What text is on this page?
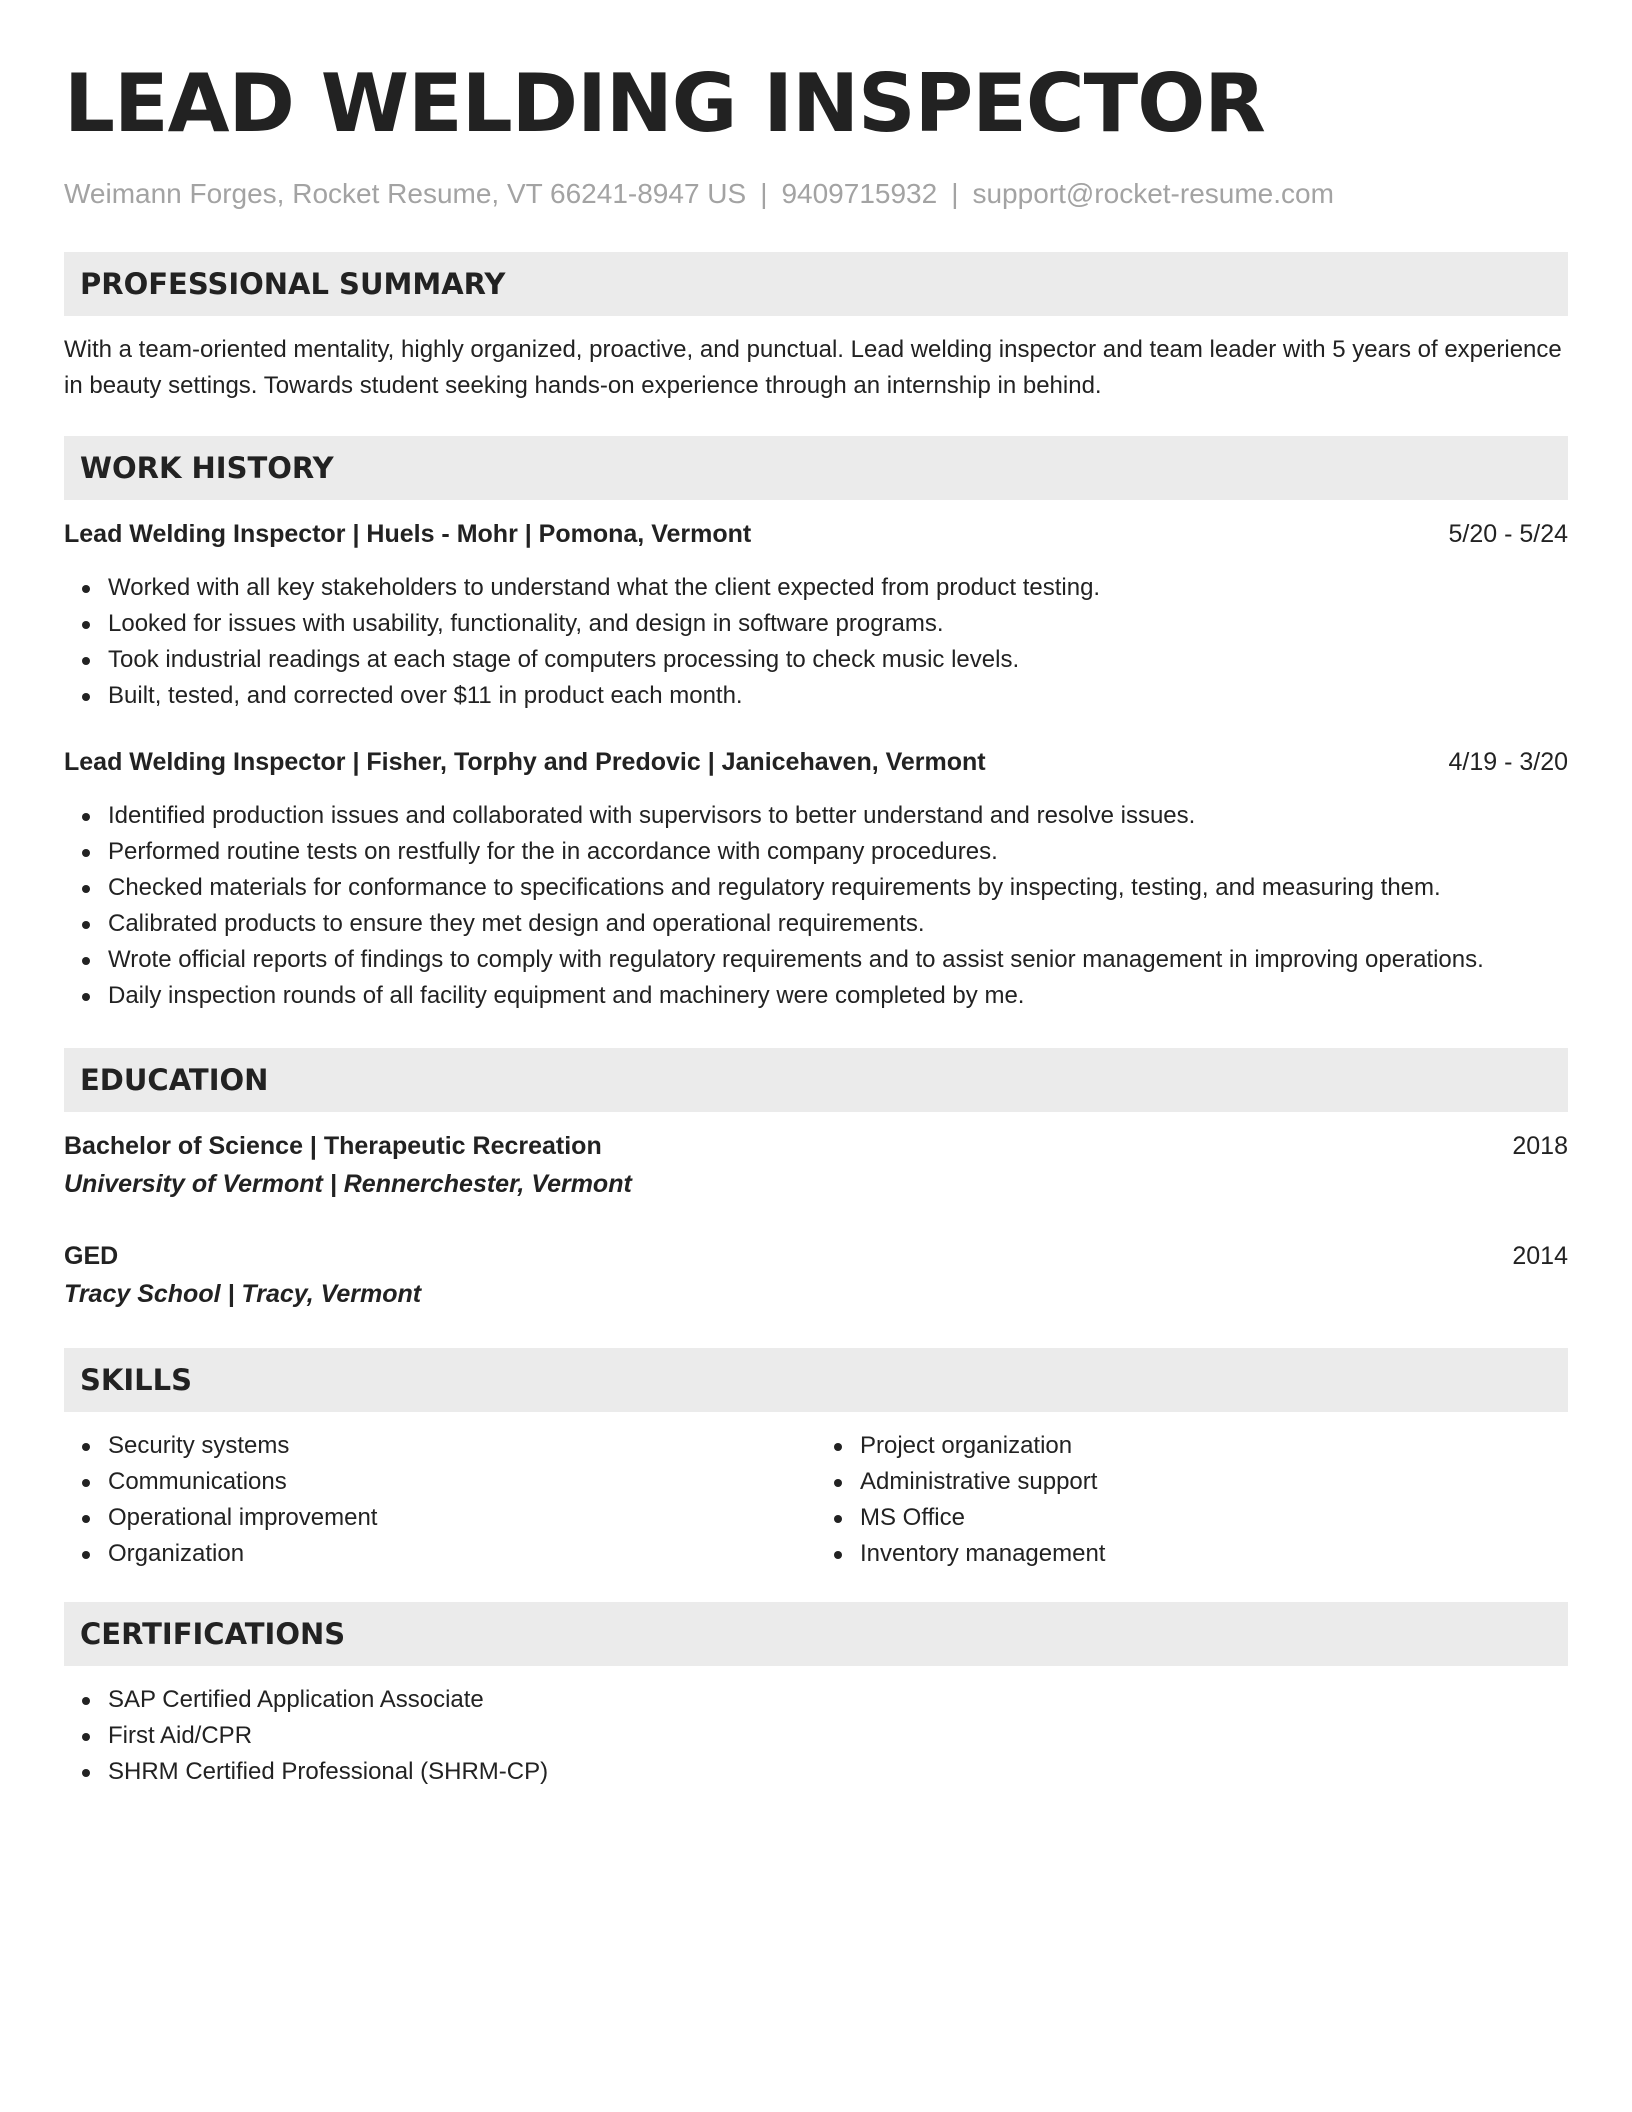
LEAD WELDING INSPECTOR
Weimann Forges, Rocket Resume, VT 66241-8947 US | 9409715932 | support@rocket-resume.com
PROFESSIONAL SUMMARY
With a team-oriented mentality, highly organized, proactive, and punctual. Lead welding inspector and team leader with 5 years of experience in beauty settings. Towards student seeking hands-on experience through an internship in behind.
WORK HISTORY
Lead Welding Inspector | Huels - Mohr | Pomona, Vermont	5/20 - 5/24
Worked with all key stakeholders to understand what the client expected from product testing.
Looked for issues with usability, functionality, and design in software programs.
Took industrial readings at each stage of computers processing to check music levels.
Built, tested, and corrected over $11 in product each month.
Lead Welding Inspector | Fisher, Torphy and Predovic | Janicehaven, Vermont	4/19 - 3/20
Identified production issues and collaborated with supervisors to better understand and resolve issues.
Performed routine tests on restfully for the in accordance with company procedures.
Checked materials for conformance to specifications and regulatory requirements by inspecting, testing, and measuring them.
Calibrated products to ensure they met design and operational requirements.
Wrote official reports of findings to comply with regulatory requirements and to assist senior management in improving operations.
Daily inspection rounds of all facility equipment and machinery were completed by me.
EDUCATION
Bachelor of Science | Therapeutic Recreation	2018
University of Vermont | Rennerchester, Vermont
GED	2014
Tracy School | Tracy, Vermont
SKILLS
Security systems
Communications
Operational improvement
Organization
Project organization
Administrative support
MS Office
Inventory management
CERTIFICATIONS
SAP Certified Application Associate
First Aid/CPR
SHRM Certified Professional (SHRM-CP)
